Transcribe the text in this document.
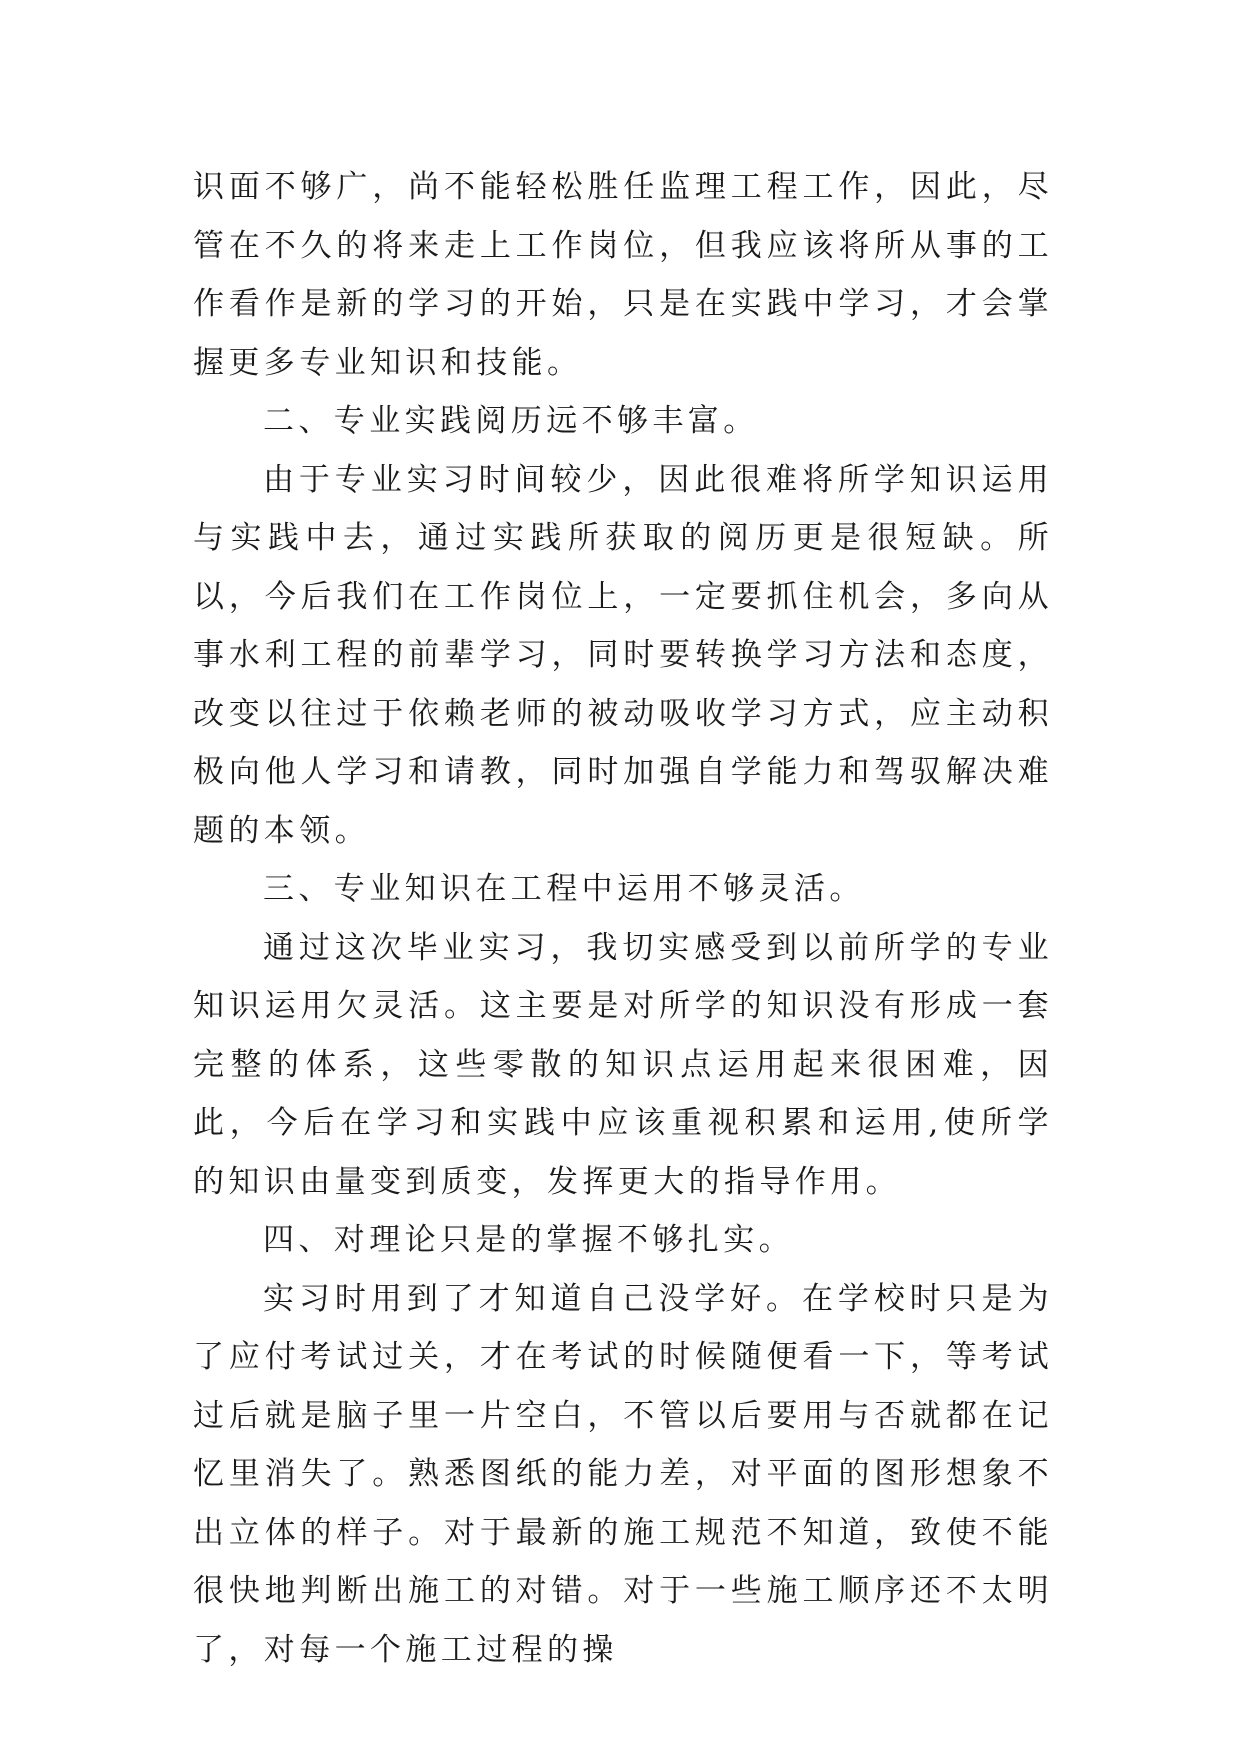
识面不够广，尚不能轻松胜任监理工程工作，因此，尽管在不久的将来走上工作岗位，但我应该将所从事的工作看作是新的学习的开始，只是在实践中学习，才会掌握更多专业知识和技能。

二、专业实践阅历远不够丰富。

由于专业实习时间较少，因此很难将所学知识运用与实践中去，通过实践所获取的阅历更是很短缺。所以，今后我们在工作岗位上，一定要抓住机会，多向从事水利工程的前辈学习，同时要转换学习方法和态度，改变以往过于依赖老师的被动吸收学习方式，应主动积极向他人学习和请教，同时加强自学能力和驾驭解决难题的本领。

三、专业知识在工程中运用不够灵活。

通过这次毕业实习，我切实感受到以前所学的专业知识运用欠灵活。这主要是对所学的知识没有形成一套完整的体系，这些零散的知识点运用起来很困难，因此，今后在学习和实践中应该重视积累和运用,使所学的知识由量变到质变，发挥更大的指导作用。

四、对理论只是的掌握不够扎实。

实习时用到了才知道自己没学好。在学校时只是为了应付考试过关，才在考试的时候随便看一下，等考试过后就是脑子里一片空白，不管以后要用与否就都在记忆里消失了。熟悉图纸的能力差，对平面的图形想象不出立体的样子。对于最新的施工规范不知道，致使不能很快地判断出施工的对错。对于一些施工顺序还不太明了，对每一个施工过程的操
